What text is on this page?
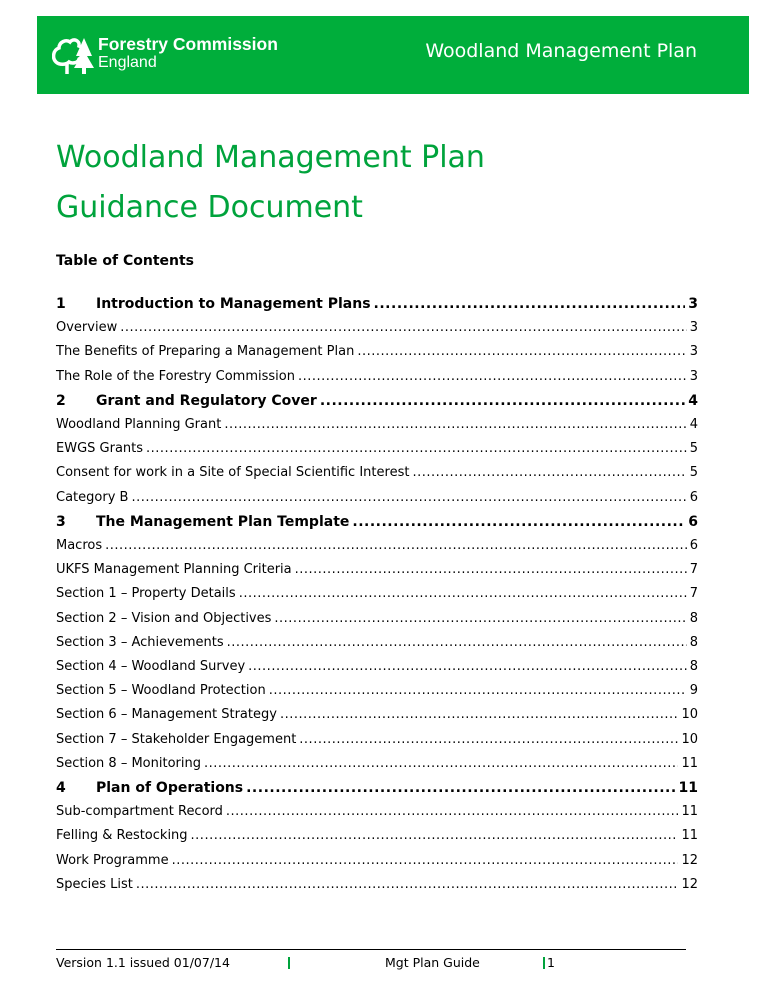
Forestry Commission
England
Woodland Management Plan
Woodland Management Plan
Guidance Document
Table of Contents
1	Introduction to Management Plans .....	3
Overview .....	3
The Benefits of Preparing a Management Plan .....	3
The Role of the Forestry Commission .....	3
2	Grant and Regulatory Cover .....	4
Woodland Planning Grant .....	4
EWGS Grants .....	5
Consent for work in a Site of Special Scientific Interest .....	5
Category B .....	6
3	The Management Plan Template .....	6
Macros .....	6
UKFS Management Planning Criteria .....	7
Section 1 – Property Details .....	7
Section 2 – Vision and Objectives .....	8
Section 3 – Achievements .....	8
Section 4 – Woodland Survey .....	8
Section 5 – Woodland Protection .....	9
Section 6 – Management Strategy .....	10
Section 7 – Stakeholder Engagement .....	10
Section 8 – Monitoring .....	11
4	Plan of Operations .....	11
Sub-compartment Record .....	11
Felling & Restocking .....	11
Work Programme .....	12
Species List .....	12
Version 1.1 issued 01/07/14	Mgt Plan Guide	1
